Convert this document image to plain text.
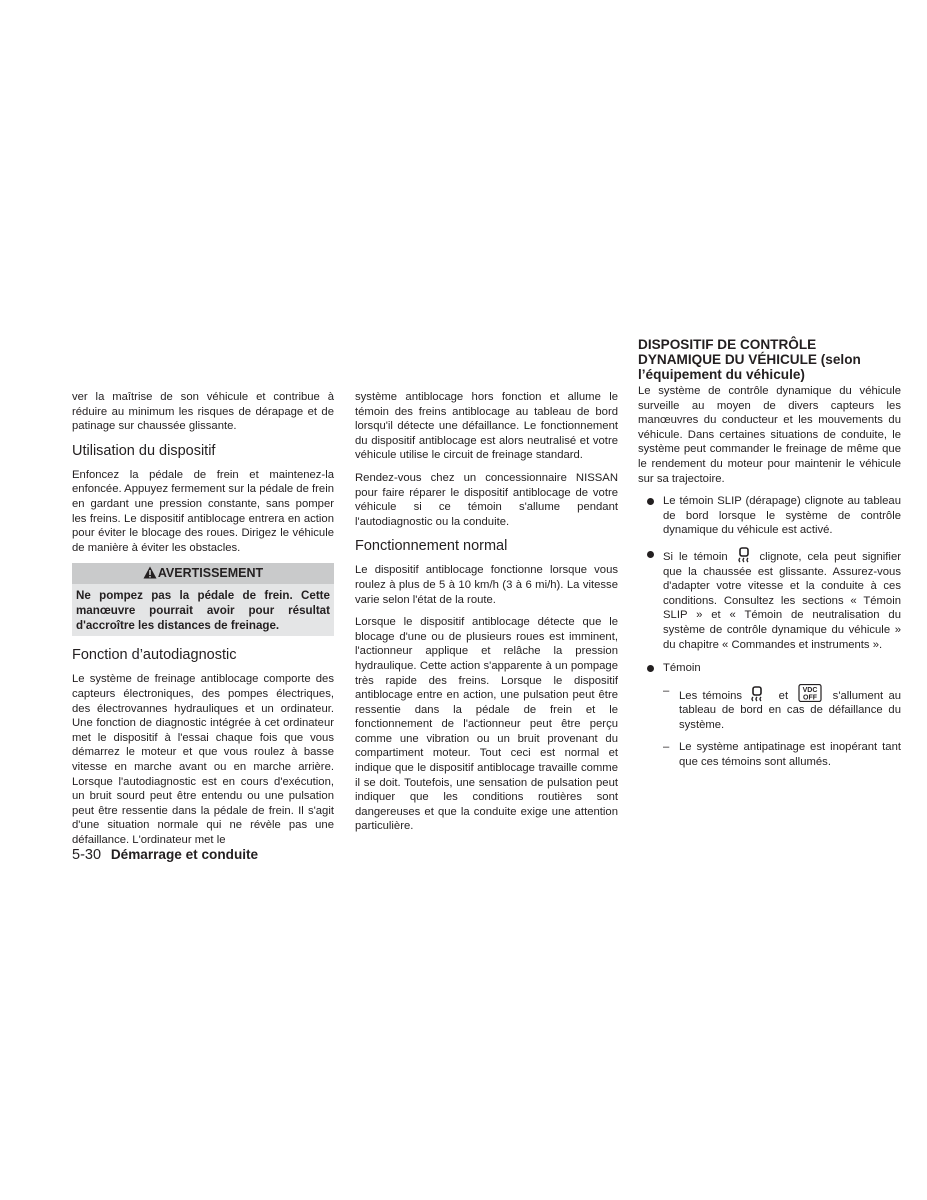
ver la maîtrise de son véhicule et contribue à réduire au minimum les risques de dérapage et de patinage sur chaussée glissante.

Utilisation du dispositif

Enfoncez la pédale de frein et maintenez-la enfoncée. Appuyez fermement sur la pédale de frein en gardant une pression constante, sans pomper les freins. Le dispositif antiblocage entrera en action pour éviter le blocage des roues. Dirigez le véhicule de manière à éviter les obstacles.

AVERTISSEMENT
Ne pompez pas la pédale de frein. Cette manœuvre pourrait avoir pour résultat d'accroître les distances de freinage.
Fonction d’autodiagnostic

Le système de freinage antiblocage comporte des capteurs électroniques, des pompes électriques, des électrovannes hydrauliques et un ordinateur. Une fonction de diagnostic intégrée à cet ordinateur met le dispositif à l'essai chaque fois que vous démarrez le moteur et que vous roulez à basse vitesse en marche avant ou en marche arrière. Lorsque l'autodiagnostic est en cours d'exécution, un bruit sourd peut être entendu ou une pulsation peut être ressentie dans la pédale de frein. Il s'agit d'une situation normale qui ne révèle pas une défaillance. L'ordinateur met le

système antiblocage hors fonction et allume le témoin des freins antiblocage au tableau de bord lorsqu'il détecte une défaillance. Le fonctionnement du dispositif antiblocage est alors neutralisé et votre véhicule utilise le circuit de freinage standard.

Rendez-vous chez un concessionnaire NISSAN pour faire réparer le dispositif antiblocage de votre véhicule si ce témoin s'allume pendant l'autodiagnostic ou la conduite.

Fonctionnement normal

Le dispositif antiblocage fonctionne lorsque vous roulez à plus de 5 à 10 km/h (3 à 6 mi/h). La vitesse varie selon l'état de la route.

Lorsque le dispositif antiblocage détecte que le blocage d'une ou de plusieurs roues est imminent, l'actionneur applique et relâche la pression hydraulique. Cette action s'apparente à un pompage très rapide des freins. Lorsque le dispositif antiblocage entre en action, une pulsation peut être ressentie dans la pédale de frein et le fonctionnement de l'actionneur peut être perçu comme une vibration ou un bruit provenant du compartiment moteur. Tout ceci est normal et indique que le dispositif antiblocage travaille comme il se doit. Toutefois, une sensation de pulsation peut indiquer que les conditions routières sont dangereuses et que la conduite exige une attention particulière.

DISPOSITIF DE CONTRÔLE DYNAMIQUE DU VÉHICULE (selon l’équipement du véhicule)

Le système de contrôle dynamique du véhicule surveille au moyen de divers capteurs les manœuvres du conducteur et les mouvements du véhicule. Dans certaines situations de conduite, le système peut commander le freinage de même que le rendement du moteur pour maintenir le véhicule sur sa trajectoire.

Le témoin SLIP (dérapage) clignote au tableau de bord lorsque le système de contrôle dynamique du véhicule est activé.
Si le témoin	clignote, cela peut signifier que la chaussée est glissante. Assurez-vous d'adapter votre vitesse et la conduite à ces conditions. Consultez les sections « Témoin SLIP » et « Témoin de neutralisation du système de contrôle dynamique du véhicule » du chapitre « Commandes et instruments ».
Témoin
– Les témoins	et VDC
OFF s'allument au tableau de bord en cas de défaillance du système.
– Le système antipatinage est inopérant tant que ces témoins sont allumés.
5-30 Démarrage et conduite
